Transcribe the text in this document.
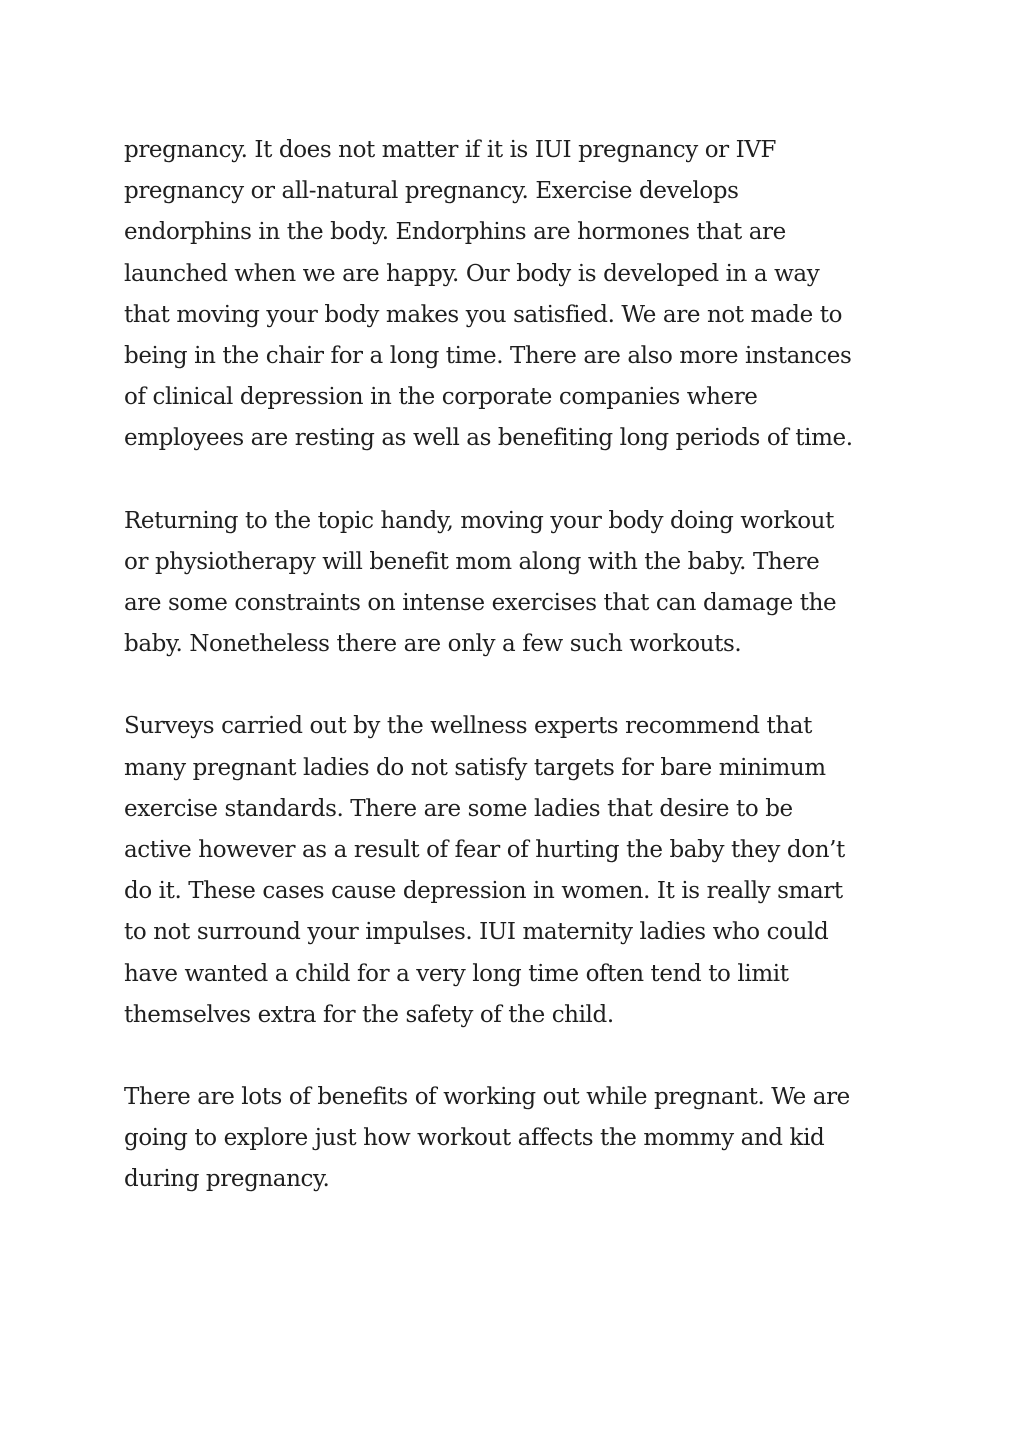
pregnancy. It does not matter if it is IUI pregnancy or IVF
pregnancy or all-natural pregnancy. Exercise develops
endorphins in the body. Endorphins are hormones that are
launched when we are happy. Our body is developed in a way
that moving your body makes you satisfied. We are not made to
being in the chair for a long time. There are also more instances
of clinical depression in the corporate companies where
employees are resting as well as benefiting long periods of time.

Returning to the topic handy, moving your body doing workout
or physiotherapy will benefit mom along with the baby. There
are some constraints on intense exercises that can damage the
baby. Nonetheless there are only a few such workouts.

Surveys carried out by the wellness experts recommend that
many pregnant ladies do not satisfy targets for bare minimum
exercise standards. There are some ladies that desire to be
active however as a result of fear of hurting the baby they don’t
do it. These cases cause depression in women. It is really smart
to not surround your impulses. IUI maternity ladies who could
have wanted a child for a very long time often tend to limit
themselves extra for the safety of the child.

There are lots of benefits of working out while pregnant. We are
going to explore just how workout affects the mommy and kid
during pregnancy.
